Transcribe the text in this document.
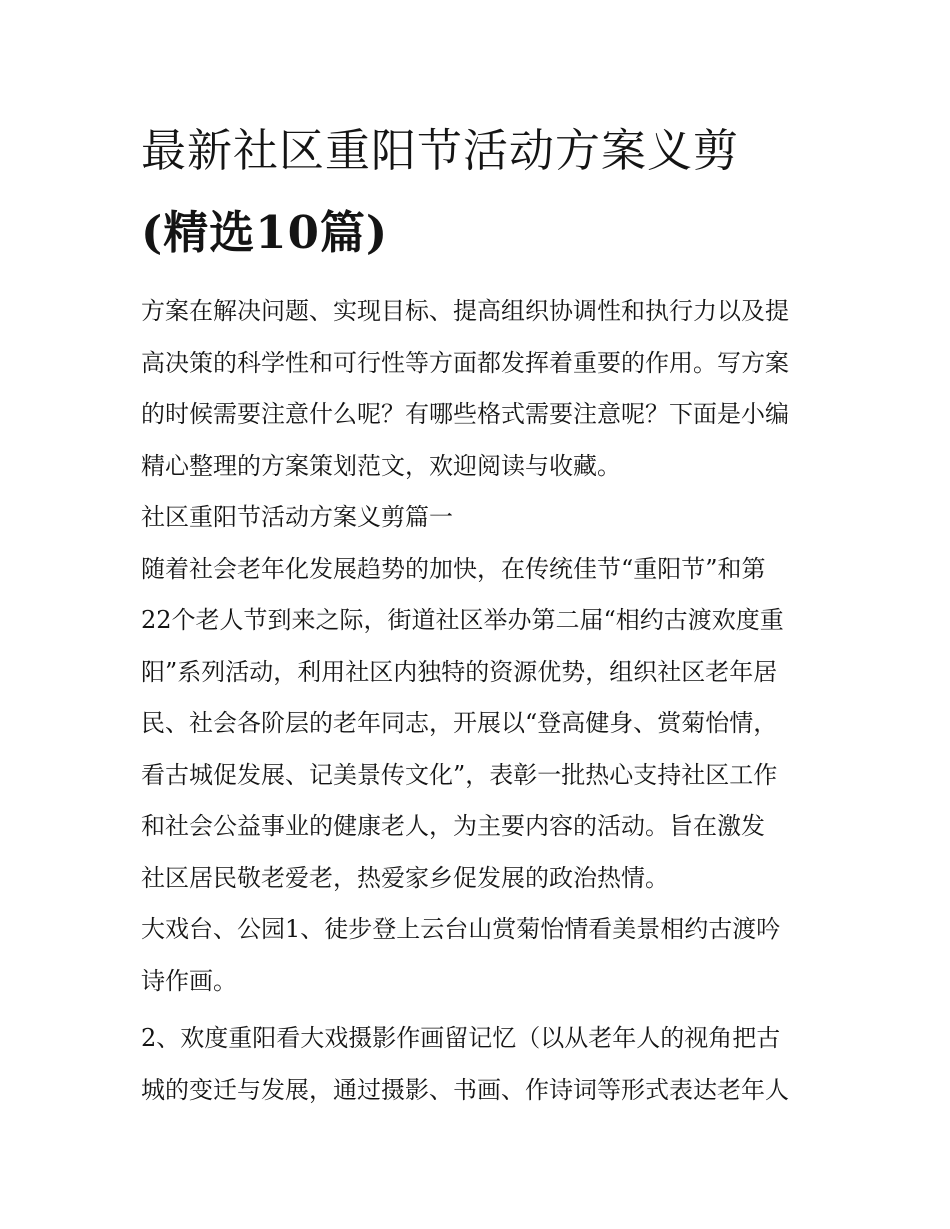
最新社区重阳节活动方案义剪
(精选10篇)
方案在解决问题、实现目标、提高组织协调性和执行力以及提
高决策的科学性和可行性等方面都发挥着重要的作用。写方案
的时候需要注意什么呢？有哪些格式需要注意呢？下面是小编
精心整理的方案策划范文，欢迎阅读与收藏。
社区重阳节活动方案义剪篇一
随着社会老年化发展趋势的加快，在传统佳节“重阳节”和第
22个老人节到来之际，街道社区举办第二届“相约古渡欢度重
阳”系列活动，利用社区内独特的资源优势，组织社区老年居
民、社会各阶层的老年同志，开展以“登高健身、赏菊怡情，
看古城促发展、记美景传文化”，表彰一批热心支持社区工作
和社会公益事业的健康老人，为主要内容的活动。旨在激发
社区居民敬老爱老，热爱家乡促发展的政治热情。
大戏台、公园1、徒步登上云台山赏菊怡情看美景相约古渡吟
诗作画。
2、欢度重阳看大戏摄影作画留记忆（以从老年人的视角把古
城的变迁与发展，通过摄影、书画、作诗词等形式表达老年人
